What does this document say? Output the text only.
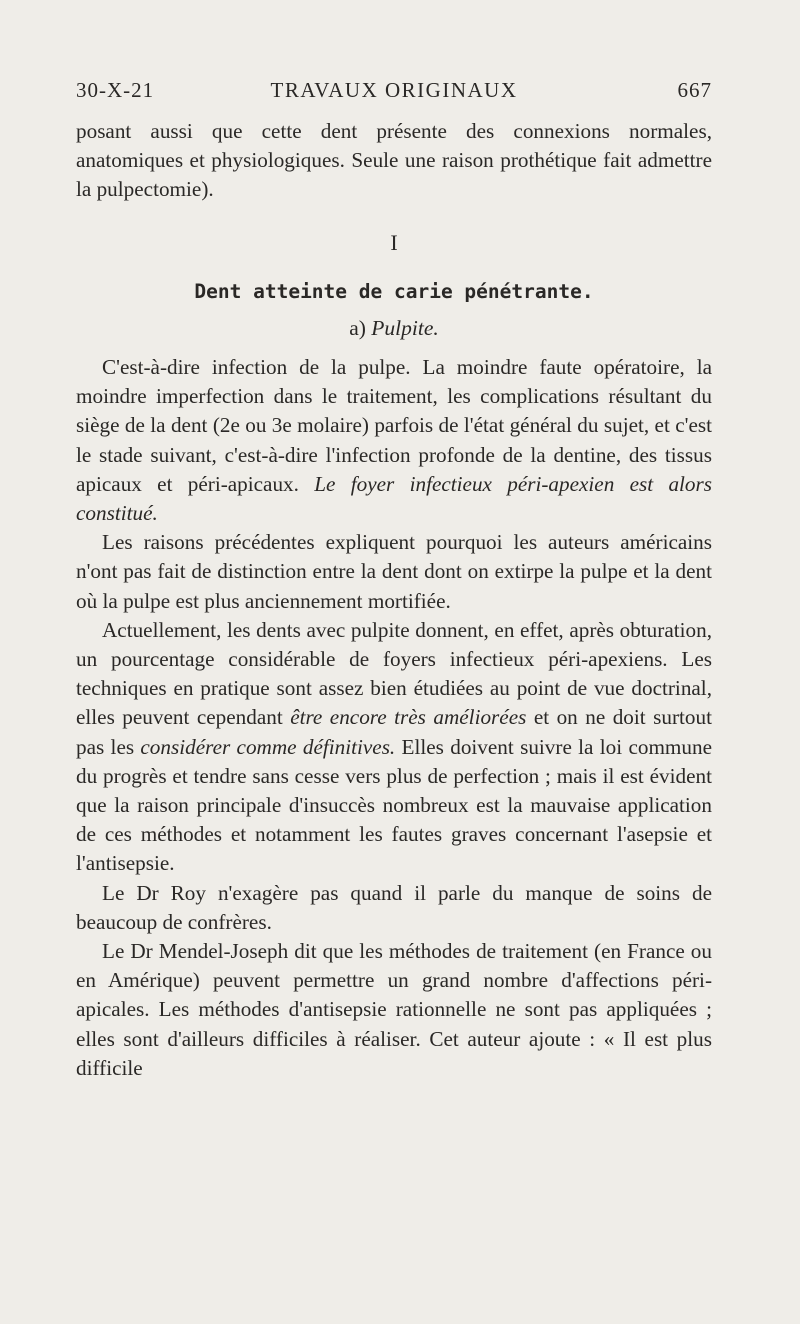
30-X-21	TRAVAUX ORIGINAUX	667

posant aussi que cette dent présente des connexions normales, anatomiques et physiologiques. Seule une raison prothétique fait admettre la pulpectomie).

I
Dent atteinte de carie pénétrante.
a) Pulpite.

C'est-à-dire infection de la pulpe. La moindre faute opératoire, la moindre imperfection dans le traitement, les complications résultant du siège de la dent (2e ou 3e molaire) parfois de l'état général du sujet, et c'est le stade suivant, c'est-à-dire l'infection profonde de la dentine, des tissus apicaux et péri-apicaux. Le foyer infectieux péri-apexien est alors constitué.

Les raisons précédentes expliquent pourquoi les auteurs américains n'ont pas fait de distinction entre la dent dont on extirpe la pulpe et la dent où la pulpe est plus anciennement mortifiée.

Actuellement, les dents avec pulpite donnent, en effet, après obturation, un pourcentage considérable de foyers infectieux péri-apexiens. Les techniques en pratique sont assez bien étudiées au point de vue doctrinal, elles peuvent cependant être encore très améliorées et on ne doit surtout pas les considérer comme définitives. Elles doivent suivre la loi commune du progrès et tendre sans cesse vers plus de perfection ; mais il est évident que la raison principale d'insuccès nombreux est la mauvaise application de ces méthodes et notamment les fautes graves concernant l'asepsie et l'antisepsie.

Le Dr Roy n'exagère pas quand il parle du manque de soins de beaucoup de confrères.

Le Dr Mendel-Joseph dit que les méthodes de traitement (en France ou en Amérique) peuvent permettre un grand nombre d'affections péri-apicales. Les méthodes d'antisepsie rationnelle ne sont pas appliquées ; elles sont d'ailleurs difficiles à réaliser. Cet auteur ajoute : « Il est plus difficile
